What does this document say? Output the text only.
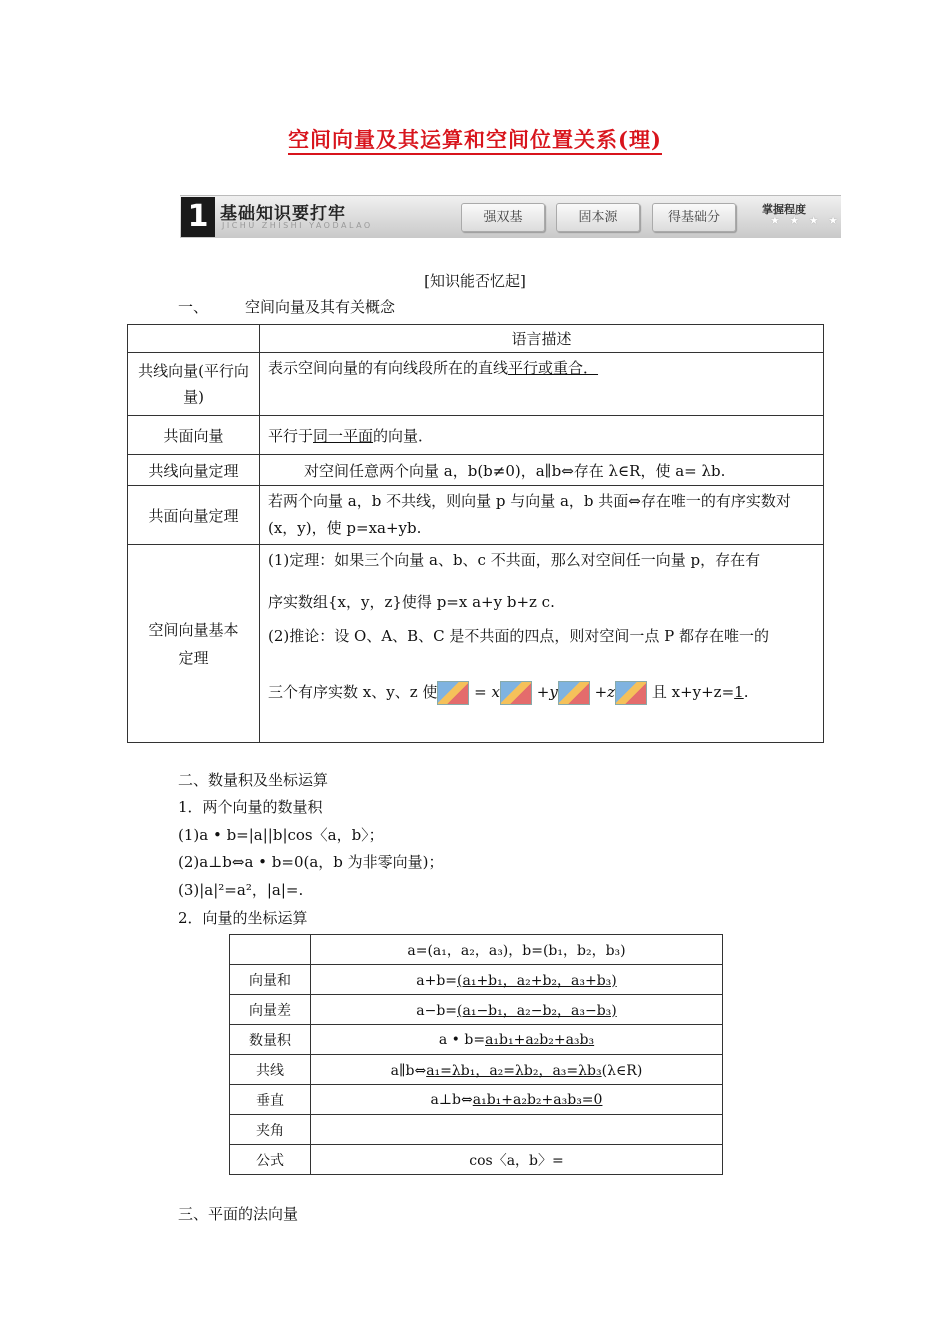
空间向量及其运算和空间位置关系(理)
1 基础知识要打牢
JICHU ZHISHI YAODALAO
强双基	固本源	得基础分
掌握程度
★ ★ ★ ★
[知识能否忆起]
一、 空间向量及其有关概念
	语言描述
共线向量(平行向量)	表示空间向量的有向线段所在的直线平行或重合．
共面向量	平行于同一平面的向量．
共线向量定理	对空间任意两个向量 a，b(b≠0)，a∥b⇔存在 λ∈R，使 a= λb.
共面向量定理	若两个向量 a，b 不共线，则向量 p 与向量 a，b 共面⇔存在唯一的有序实数对(x，y)，使 p=xa+yb.
空间向量基本定理	(1)定理：如果三个向量 a、b、c 不共面，那么对空间任一向量 p，存在有
序实数组{x，y，z}使得 p=x a+y b+z c.
(2)推论：设 O、A、B、C 是不共面的四点，则对空间一点 P 都存在唯一的
三个有序实数 x、y、z 使 = x +y +z 且 x+y+z=1.
二、数量积及坐标运算
1．两个向量的数量积
(1)a • b=|a||b|cos〈a，b〉；
(2)a⊥b⇔a • b=0(a，b 为非零向量)；
(3)|a|²=a²，|a|=.
2．向量的坐标运算
	a=(a₁，a₂，a₃)，b=(b₁，b₂，b₃)
向量和	a+b=(a₁+b₁，a₂+b₂，a₃+b₃)
向量差	a−b=(a₁−b₁，a₂−b₂，a₃−b₃)
数量积	a • b=a₁b₁+a₂b₂+a₃b₃
共线	a∥b⇔a₁=λb₁，a₂=λb₂，a₃=λb₃(λ∈R)
垂直	a⊥b⇔a₁b₁+a₂b₂+a₃b₃=0
夹角	
公式	cos〈a，b〉=
三、平面的法向量
